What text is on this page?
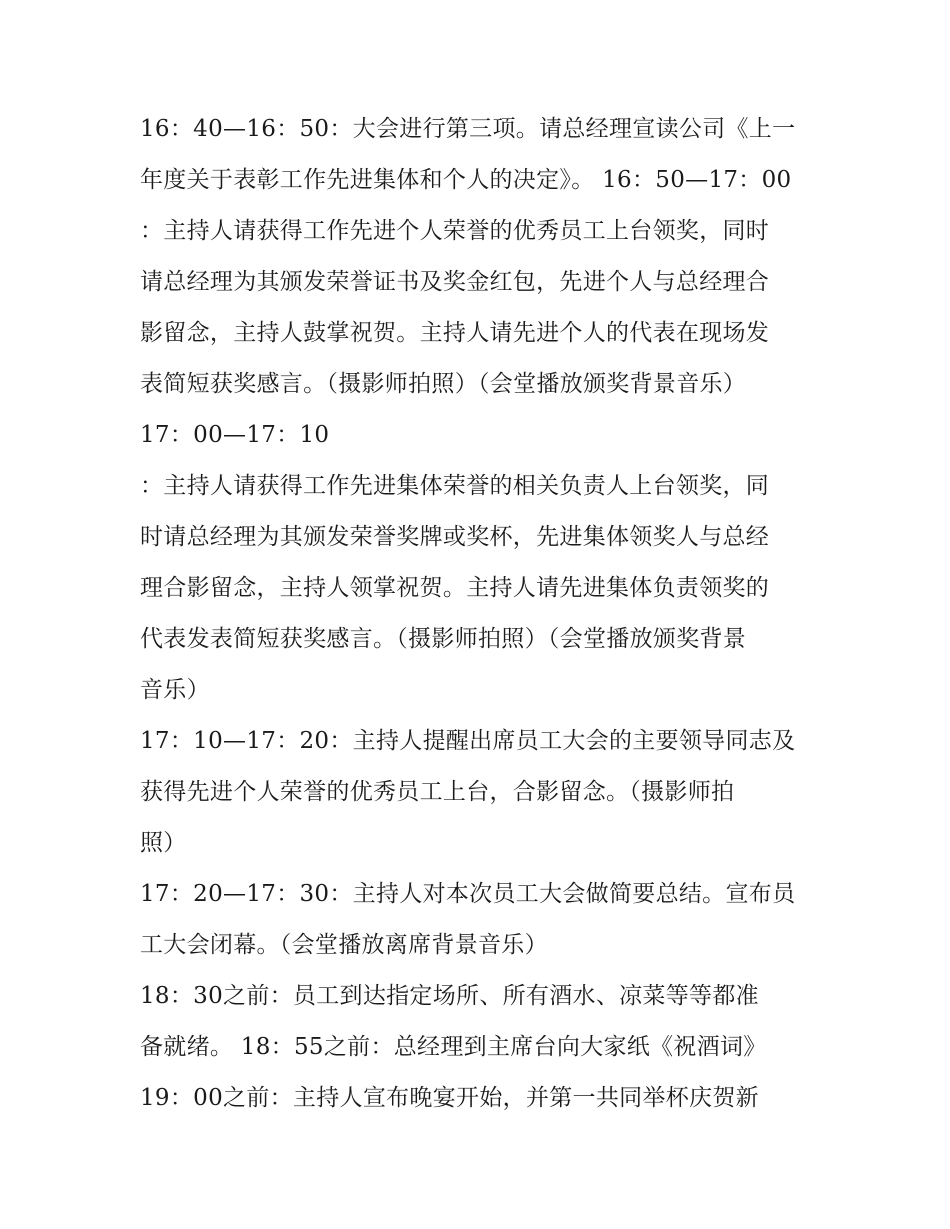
16：40—16：50：大会进行第三项。请总经理宣读公司《上一
年度关于表彰工作先进集体和个人的决定》。 16：50—17：00
：主持人请获得工作先进个人荣誉的优秀员工上台领奖，同时
请总经理为其颁发荣誉证书及奖金红包，先进个人与总经理合
影留念，主持人鼓掌祝贺。主持人请先进个人的代表在现场发
表简短获奖感言。（摄影师拍照）（会堂播放颁奖背景音乐）
17：00—17：10
：主持人请获得工作先进集体荣誉的相关负责人上台领奖，同
时请总经理为其颁发荣誉奖牌或奖杯，先进集体领奖人与总经
理合影留念，主持人领掌祝贺。主持人请先进集体负责领奖的
代表发表简短获奖感言。（摄影师拍照）（会堂播放颁奖背景
音乐）
17：10—17：20：主持人提醒出席员工大会的主要领导同志及
获得先进个人荣誉的优秀员工上台，合影留念。（摄影师拍
照）
17：20—17：30：主持人对本次员工大会做简要总结。宣布员
工大会闭幕。（会堂播放离席背景音乐）
18：30之前：员工到达指定场所、所有酒水、凉菜等等都准
备就绪。 18：55之前：总经理到主席台向大家纸《祝酒词》
19：00之前：主持人宣布晚宴开始，并第一共同举杯庆贺新
